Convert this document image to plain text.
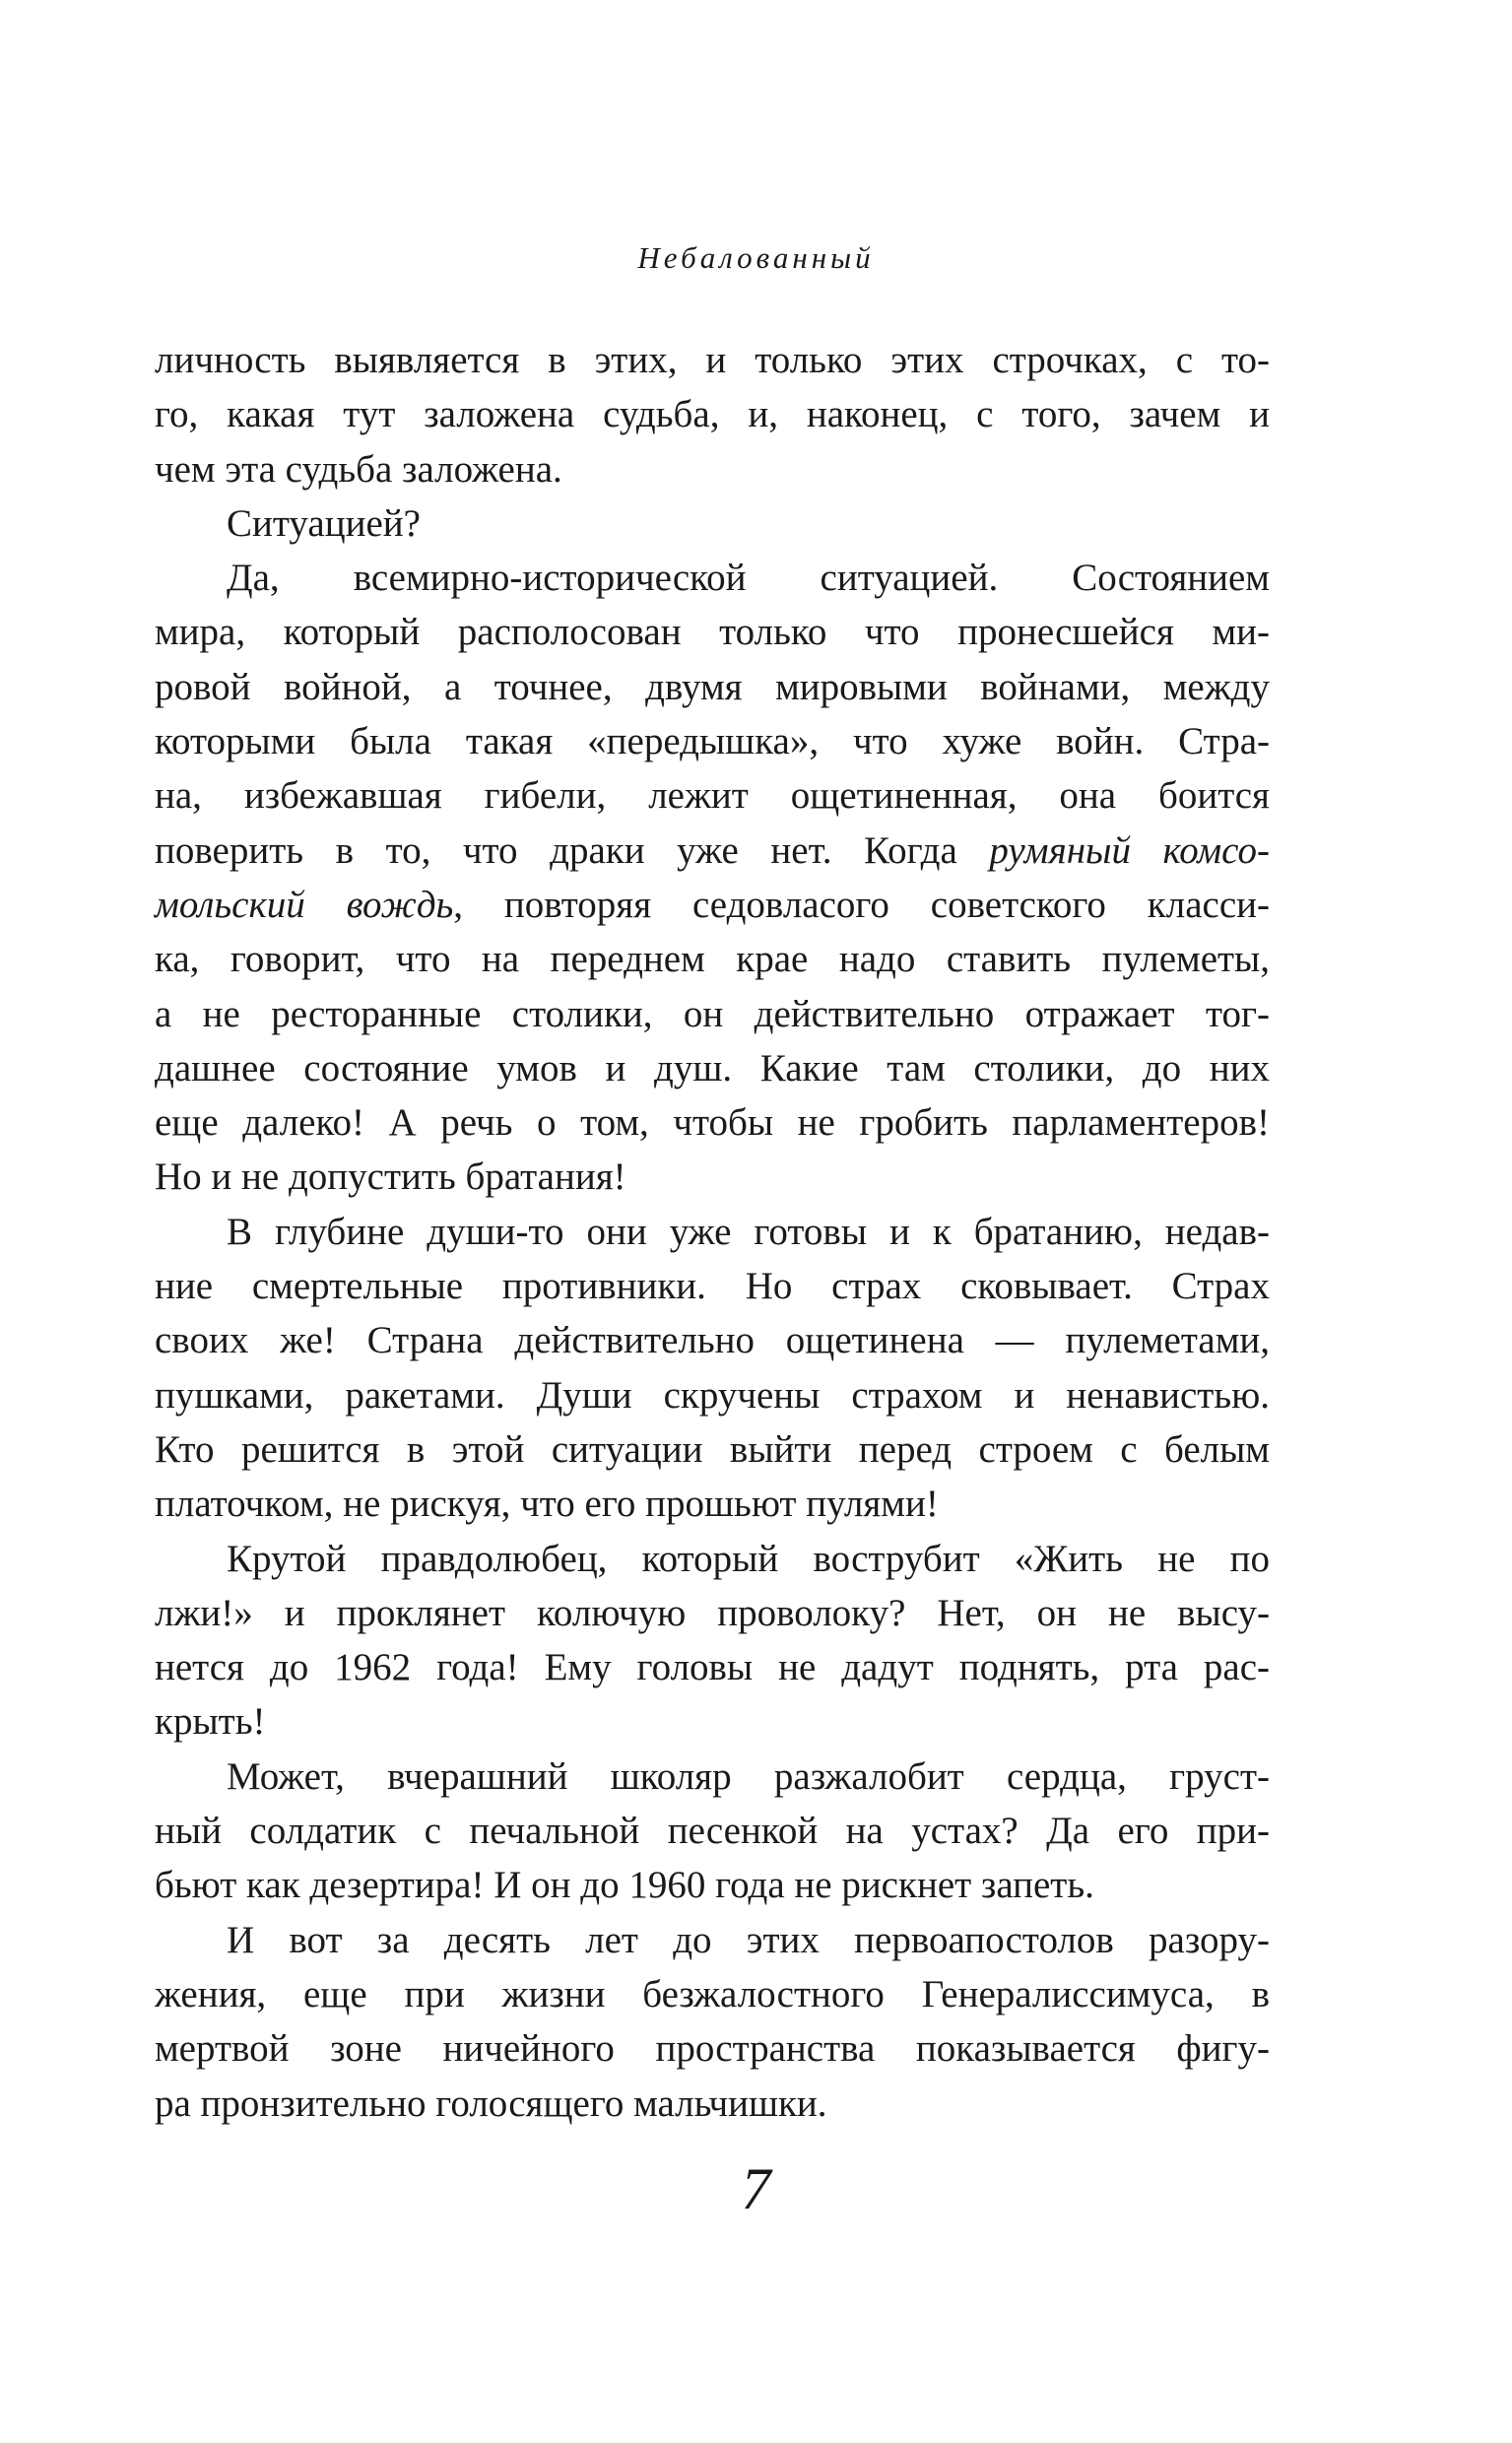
Небалованный
личность выявляется в этих, и только этих строчках, с то-
го, какая тут заложена судьба, и, наконец, с того, зачем и
чем эта судьба заложена.
Ситуацией?
Да, всемирно-исторической ситуацией. Состоянием
мира, который располосован только что пронесшейся ми-
ровой войной, а точнее, двумя мировыми войнами, между
которыми была такая «передышка», что хуже войн. Стра-
на, избежавшая гибели, лежит ощетиненная, она боится
поверить в то, что драки уже нет. Когда румяный комсо-
мольский вождь, повторяя седовласого советского класси-
ка, говорит, что на переднем крае надо ставить пулеметы,
а не ресторанные столики, он действительно отражает тог-
дашнее состояние умов и душ. Какие там столики, до них
еще далеко! А речь о том, чтобы не гробить парламентеров!
Но и не допустить братания!
В глубине души-то они уже готовы и к братанию, недав-
ние смертельные противники. Но страх сковывает. Страх
своих же! Страна действительно ощетинена — пулеметами,
пушками, ракетами. Души скручены страхом и ненавистью.
Кто решится в этой ситуации выйти перед строем с белым
платочком, не рискуя, что его прошьют пулями!
Крутой правдолюбец, который вострубит «Жить не по
лжи!» и проклянет колючую проволоку? Нет, он не высу-
нется до 1962 года! Ему головы не дадут поднять, рта рас-
крыть!
Может, вчерашний школяр разжалобит сердца, груст-
ный солдатик с печальной песенкой на устах? Да его при-
бьют как дезертира! И он до 1960 года не рискнет запеть.
И вот за десять лет до этих первоапостолов разору-
жения, еще при жизни безжалостного Генералиссимуса, в
мертвой зоне ничейного пространства показывается фигу-
ра пронзительно голосящего мальчишки.
7
